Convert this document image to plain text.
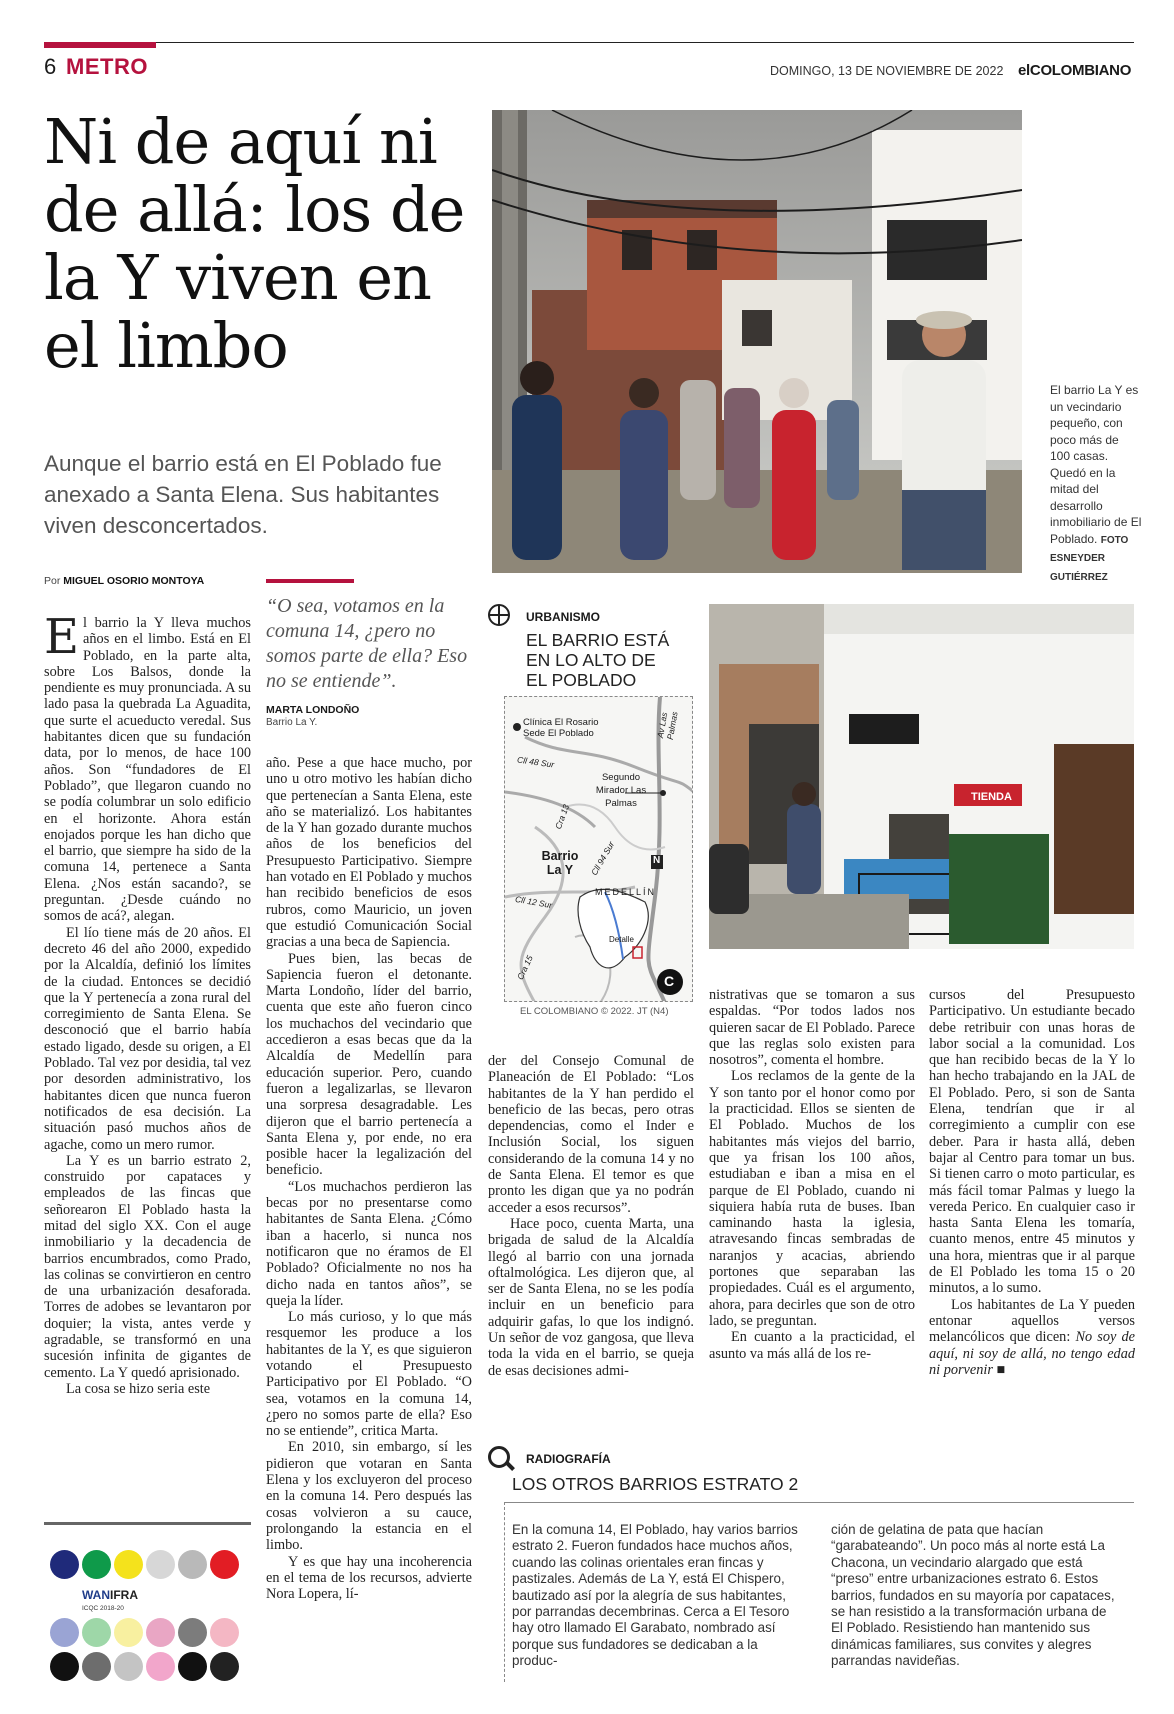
6 METRO	DOMINGO, 13 DE NOVIEMBRE DE 2022 elCOLOMBIANO
Ni de aquí ni de allá: los de la Y viven en el limbo
Aunque el barrio está en El Poblado fue anexado a Santa Elena. Sus habitantes viven desconcertados.
Por MIGUEL OSORIO MONTOYA
El barrio La Y es un vecindario pequeño, con poco más de 100 casas. Quedó en la mitad del desarrollo inmobiliario de El Poblado. FOTO ESNEYDER GUTIÉRREZ

El barrio la Y lleva muchos años en el limbo. Está en El Poblado, en la parte alta, sobre Los Balsos, donde la pendiente es muy pronunciada. A su lado pasa la quebrada La Aguadita, que surte el acueducto veredal. Sus habitantes dicen que su fundación data, por lo menos, de hace 100 años. Son “fundadores de El Poblado”, que llegaron cuando no se podía columbrar un solo edificio en el horizonte. Ahora están enojados porque les han dicho que el barrio, que siempre ha sido de la comuna 14, pertenece a Santa Elena. ¿Nos están sacando?, se preguntan. ¿Desde cuándo no somos de acá?, alegan.

El lío tiene más de 20 años. El decreto 46 del año 2000, expedido por la Alcaldía, definió los límites de la ciudad. Entonces se decidió que la Y pertenecía a zona rural del corregimiento de Santa Elena. Se desconoció que el barrio había estado ligado, desde su origen, a El Poblado. Tal vez por desidia, tal vez por desorden administrativo, los habitantes dicen que nunca fueron notificados de esa decisión. La situación pasó muchos años de agache, como un mero rumor.

La Y es un barrio estrato 2, construido por capataces y empleados de las fincas que señorearon El Poblado hasta la mitad del siglo XX. Con el auge inmobiliario y la decadencia de barrios encumbrados, como Prado, las colinas se convirtieron en centro de una urbanización desaforada. Torres de adobes se levantaron por doquier; la vista, antes verde y agradable, se transformó en una sucesión infinita de gigantes de cemento. La Y quedó aprisionado.

La cosa se hizo seria este

WANIFRA
ICQC 2018-20
“O sea, votamos en la comuna 14, ¿pero no somos parte de ella? Eso no se entiende”.
MARTA LONDOÑO
Barrio La Y.

año. Pese a que hace mucho, por uno u otro motivo les habían dicho que pertenecían a Santa Elena, este año se materializó. Los habitantes de la Y han gozado durante muchos años de los beneficios del Presupuesto Participativo. Siempre han votado en El Poblado y muchos han recibido beneficios de esos rubros, como Mauricio, un joven que estudió Comunicación Social gracias a una beca de Sapiencia.

Pues bien, las becas de Sapiencia fueron el detonante. Marta Londoño, líder del barrio, cuenta que este año fueron cinco los muchachos del vecindario que accedieron a esas becas que da la Alcaldía de Medellín para educación superior. Pero, cuando fueron a legalizarlas, se llevaron una sorpresa desagradable. Les dijeron que el barrio pertenecía a Santa Elena y, por ende, no era posible hacer la legalización del beneficio.

“Los muchachos perdieron las becas por no presentarse como habitantes de Santa Elena. ¿Cómo iban a hacerlo, si nunca nos notificaron que no éramos de El Poblado? Oficialmente no nos ha dicho nada en tantos años”, se queja la líder.

Lo más curioso, y lo que más resquemor les produce a los habitantes de la Y, es que siguieron votando el Presupuesto Participativo por El Poblado. “O sea, votamos en la comuna 14, ¿pero no somos parte de ella? Eso no se entiende”, critica Marta.

En 2010, sin embargo, sí les pidieron que votaran en Santa Elena y los excluyeron del proceso en la comuna 14. Pero después las cosas volvieron a su cauce, prolongando la estancia en el limbo.

Y es que hay una incoherencia en el tema de los recursos, advierte Nora Lopera, lí-

URBANISMO
EL BARRIO ESTÁ EN LO ALTO DE EL POBLADO
Clínica El Rosario Sede El Poblado
Cll 48 Sur
Av Las Palmas
Segundo Mirador Las Palmas
Cra 13
Barrio La Y	Cll 94 Sur
Cll 12 Sur
N
MEDELLÍN
Cra 15
Detalle
C
EL COLOMBIANO © 2022. JT (N4)
TIENDA

der del Consejo Comunal de Planeación de El Poblado: “Los habitantes de la Y han perdido el beneficio de las becas, pero otras dependencias, como el Inder e Inclusión Social, los siguen considerando de la comuna 14 y no de Santa Elena. El temor es que pronto les digan que ya no podrán acceder a esos recursos”.

Hace poco, cuenta Marta, una brigada de salud de la Alcaldía llegó al barrio con una jornada oftalmológica. Les dijeron que, al ser de Santa Elena, no se les podía incluir en un beneficio para adquirir gafas, lo que los indignó. Un señor de voz gangosa, que lleva toda la vida en el barrio, se queja de esas decisiones admi-

nistrativas que se tomaron a sus espaldas. “Por todos lados nos quieren sacar de El Poblado. Parece que las reglas solo existen para nosotros”, comenta el hombre.

Los reclamos de la gente de la Y son tanto por el honor como por la practicidad. Ellos se sienten de El Poblado. Muchos de los habitantes más viejos del barrio, que ya frisan los 100 años, estudiaban e iban a misa en el parque de El Poblado, cuando ni siquiera había ruta de buses. Iban caminando hasta la iglesia, atravesando fincas sembradas de naranjos y acacias, abriendo portones que separaban las propiedades. Cuál es el argumento, ahora, para decirles que son de otro lado, se preguntan.

En cuanto a la practicidad, el asunto va más allá de los re-

cursos del Presupuesto Participativo. Un estudiante becado debe retribuir con unas horas de labor social a la comunidad. Los que han recibido becas de la Y lo han hecho trabajando en la JAL de El Poblado. Pero, si son de Santa Elena, tendrían que ir al corregimiento a cumplir con ese deber. Para ir hasta allá, deben bajar al Centro para tomar un bus. Si tienen carro o moto particular, es más fácil tomar Palmas y luego la vereda Perico. En cualquier caso ir hasta Santa Elena les tomaría, cuanto menos, entre 45 minutos y una hora, mientras que ir al parque de El Poblado les toma 15 o 20 minutos, a lo sumo.

Los habitantes de La Y pueden entonar aquellos versos melancólicos que dicen: No soy de aquí, ni soy de allá, no tengo edad ni porvenir ■

RADIOGRAFÍA
LOS OTROS BARRIOS ESTRATO 2
En la comuna 14, El Poblado, hay varios barrios estrato 2. Fueron fundados hace muchos años, cuando las colinas orientales eran fincas y pastizales. Además de La Y, está El Chispero, bautizado así por la alegría de sus habitantes, por parrandas decembrinas. Cerca a El Tesoro hay otro llamado El Garabato, nombrado así porque sus fundadores se dedicaban a la produc-
ción de gelatina de pata que hacían “garabateando”. Un poco más al norte está La Chacona, un vecindario alargado que está “preso” entre urbanizaciones estrato 6. Estos barrios, fundados en su mayoría por capataces, se han resistido a la transformación urbana de El Poblado. Resistiendo han mantenido sus dinámicas familiares, sus convites y alegres parrandas navideñas.
